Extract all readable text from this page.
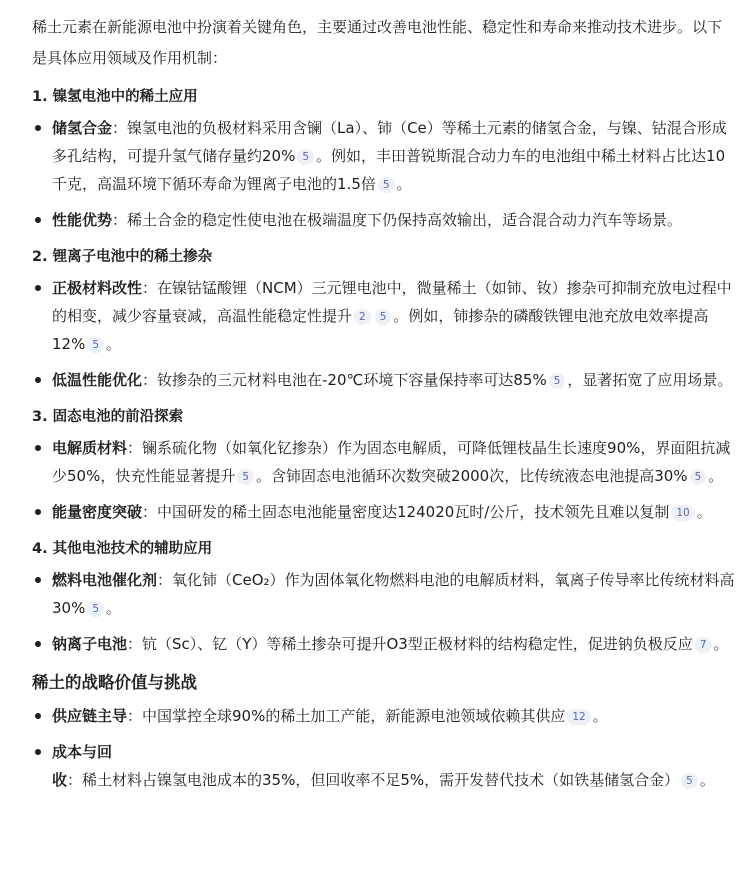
稀土元素在新能源电池中扮演着关键角色，主要通过改善电池性能、稳定性和寿命来推动技术进步。以下是具体应用领域及作用机制：

1. 镍氢电池中的稀土应用
储氢合金：镍氢电池的负极材料采用含镧（La）、铈（Ce）等稀土元素的储氢合金，与镍、钴混合形成多孔结构，可提升氢气储存量约20% 5 。例如，丰田普锐斯混合动力车的电池组中稀土材料占比达10千克，高温环境下循环寿命为锂离子电池的1.5倍 5 。
性能优势：稀土合金的稳定性使电池在极端温度下仍保持高效输出，适合混合动力汽车等场景。
2. 锂离子电池中的稀土掺杂
正极材料改性：在镍钴锰酸锂（NCM）三元锂电池中，微量稀土（如铈、钕）掺杂可抑制充放电过程中的相变，减少容量衰减，高温性能稳定性提升 2 5 。例如，铈掺杂的磷酸铁锂电池充放电效率提高12% 5 。
低温性能优化：钕掺杂的三元材料电池在-20℃环境下容量保持率可达85% 5 ，显著拓宽了应用场景。
3. 固态电池的前沿探索
电解质材料：镧系硫化物（如氧化钇掺杂）作为固态电解质，可降低锂枝晶生长速度90%，界面阻抗减少50%，快充性能显著提升 5 。含铈固态电池循环次数突破2000次，比传统液态电池提高30% 5 。
能量密度突破：中国研发的稀土固态电池能量密度达124020瓦时/公斤，技术领先且难以复制 10 。
4. 其他电池技术的辅助应用
燃料电池催化剂：氧化铈（CeO₂）作为固体氧化物燃料电池的电解质材料，氧离子传导率比传统材料高30% 5 。
钠离子电池：钪（Sc）、钇（Y）等稀土掺杂可提升O3型正极材料的结构稳定性，促进钠负极反应 7 。
稀土的战略价值与挑战
供应链主导：中国掌控全球90%的稀土加工产能，新能源电池领域依赖其供应 12 。
成本与回收：稀土材料占镍氢电池成本的35%，但回收率不足5%，需开发替代技术（如铁基储氢合金） 5 。
